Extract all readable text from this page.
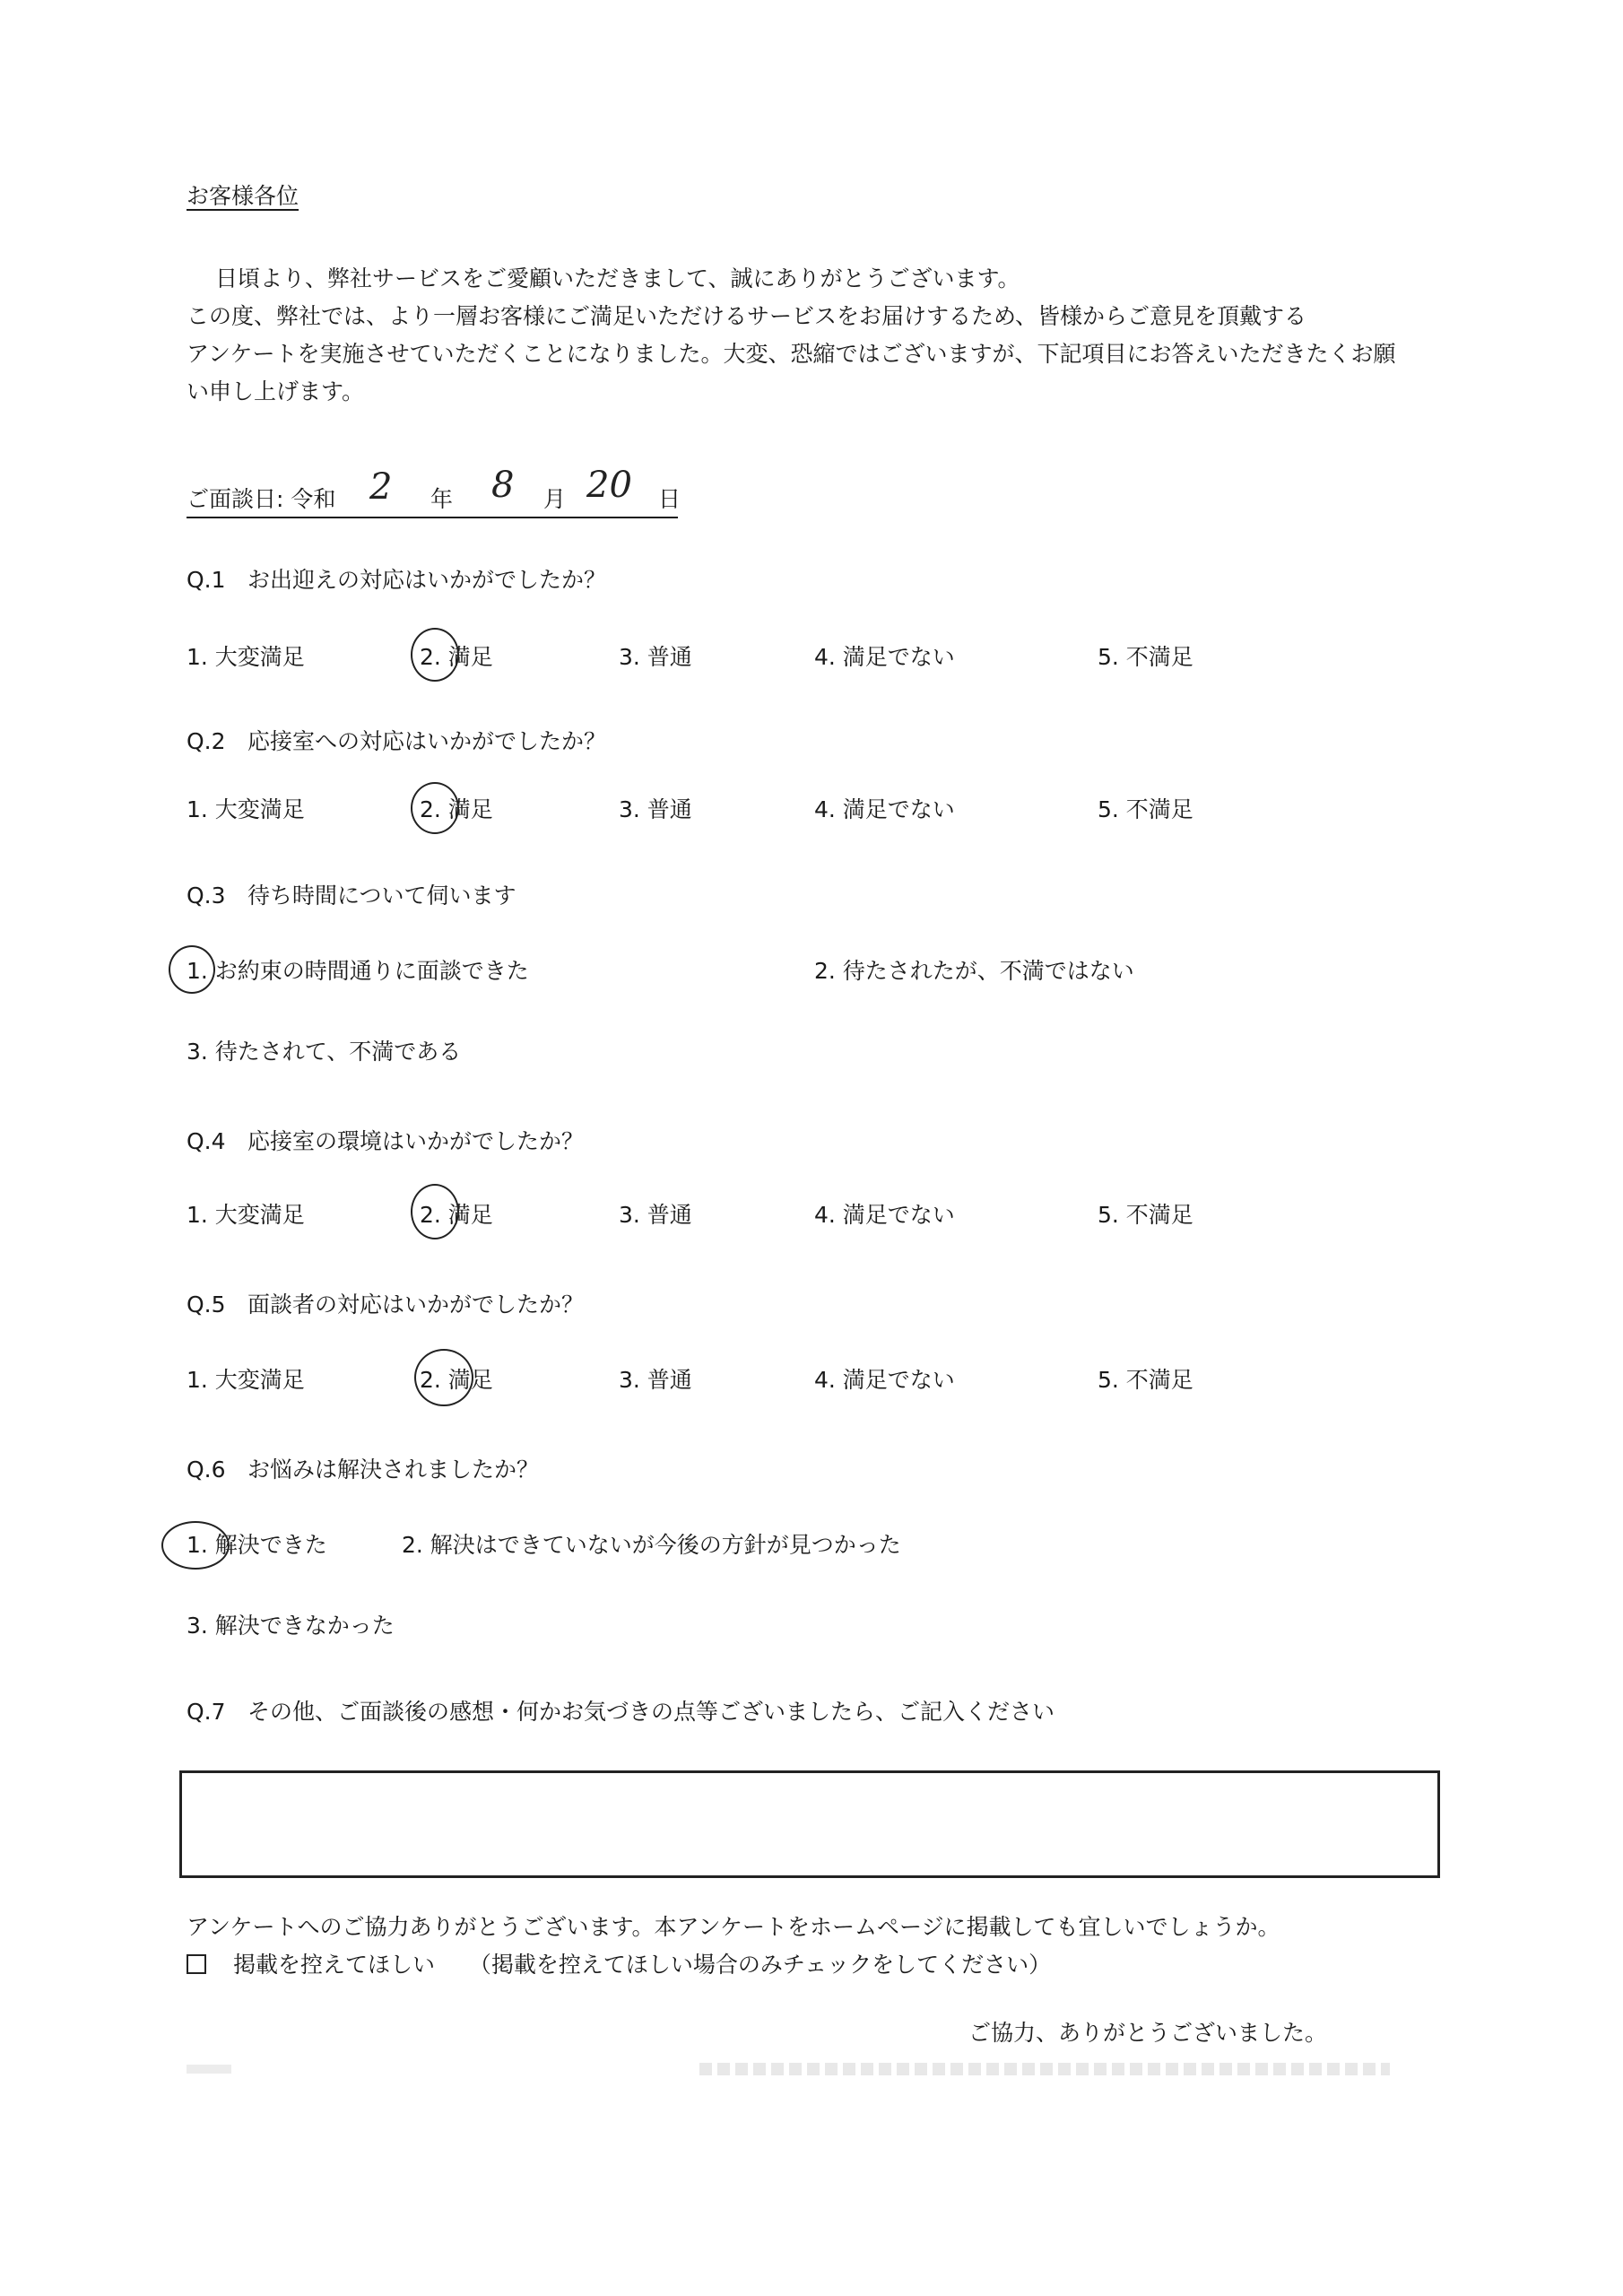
お客様各位
日頃より、弊社サービスをご愛顧いただきまして、誠にありがとうございます。
この度、弊社では、より一層お客様にご満足いただけるサービスをお届けするため、皆様からご意見を頂戴する
アンケートを実施させていただくことになりました。大変、恐縮ではございますが、下記項目にお答えいただきたくお願
い申し上げます。
ご面談日: 令和 2 年 8 月 20 日
Q.1 お出迎えの対応はいかがでしたか？
1. 大変満足	2. 満足	3. 普通	4. 満足でない	5. 不満足
Q.2 応接室への対応はいかがでしたか？
1. 大変満足	2. 満足	3. 普通	4. 満足でない	5. 不満足
Q.3 待ち時間について伺います
1. お約束の時間通りに面談できた	2. 待たされたが、不満ではない
3. 待たされて、不満である
Q.4 応接室の環境はいかがでしたか？
1. 大変満足	2. 満足	3. 普通	4. 満足でない	5. 不満足
Q.5 面談者の対応はいかがでしたか？
1. 大変満足	2. 満足	3. 普通	4. 満足でない	5. 不満足
Q.6 お悩みは解決されましたか？
1. 解決できた	2. 解決はできていないが今後の方針が見つかった
3. 解決できなかった
Q.7 その他、ご面談後の感想・何かお気づきの点等ございましたら、ご記入ください
アンケートへのご協力ありがとうございます。本アンケートをホームページに掲載しても宜しいでしょうか。
掲載を控えてほしい （掲載を控えてほしい場合のみチェックをしてください）
ご協力、ありがとうございました。
